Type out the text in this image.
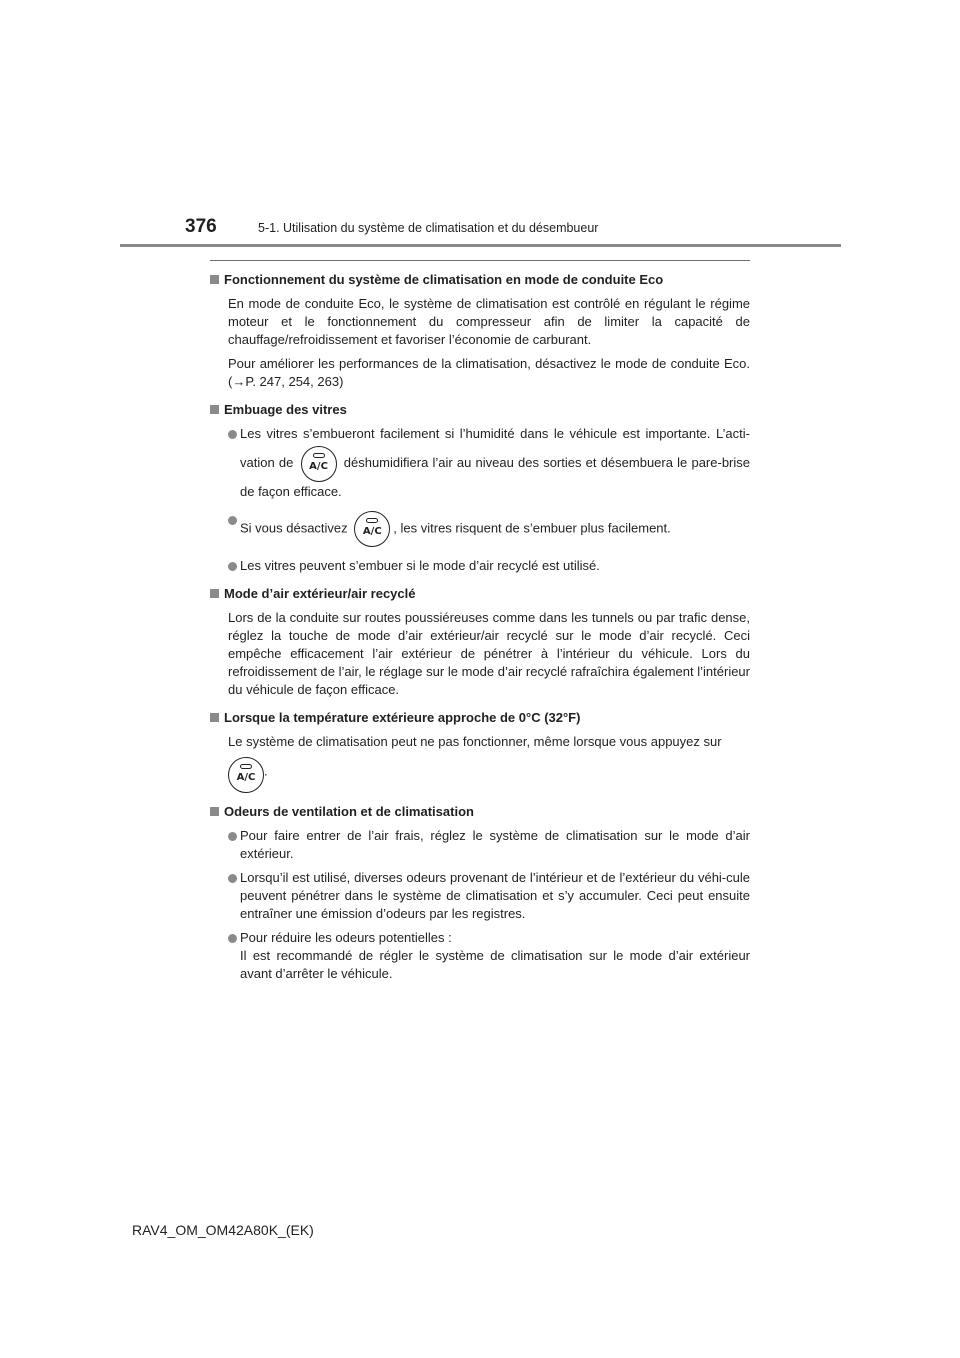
376	5-1. Utilisation du système de climatisation et du désembueur
Fonctionnement du système de climatisation en mode de conduite Eco
En mode de conduite Eco, le système de climatisation est contrôlé en régulant le régime moteur et le fonctionnement du compresseur afin de limiter la capacité de chauffage/refroidissement et favoriser l’économie de carburant.
Pour améliorer les performances de la climatisation, désactivez le mode de conduite Eco. (→P. 247, 254, 263)
Embuage des vitres
Les vitres s’embueront facilement si l’humidité dans le véhicule est importante. L’acti-vation de	A/C	déshumidifiera l’air au niveau des sorties et désembuera le pare-brise de façon efficace.
Si vous désactivez	A/C , les vitres risquent de s’embuer plus facilement.
Les vitres peuvent s’embuer si le mode d’air recyclé est utilisé.
Mode d’air extérieur/air recyclé
Lors de la conduite sur routes poussiéreuses comme dans les tunnels ou par trafic dense, réglez la touche de mode d’air extérieur/air recyclé sur le mode d’air recyclé. Ceci empêche efficacement l’air extérieur de pénétrer à l’intérieur du véhicule. Lors du refroidissement de l’air, le réglage sur le mode d’air recyclé rafraîchira également l’intérieur du véhicule de façon efficace.
Lorsque la température extérieure approche de 0°C (32°F)
Le système de climatisation peut ne pas fonctionner, même lorsque vous appuyez sur

A/C .
Odeurs de ventilation et de climatisation
Pour faire entrer de l’air frais, réglez le système de climatisation sur le mode d’air extérieur.
Lorsqu’il est utilisé, diverses odeurs provenant de l’intérieur et de l’extérieur du véhi-cule peuvent pénétrer dans le système de climatisation et s’y accumuler. Ceci peut ensuite entraîner une émission d’odeurs par les registres.
Pour réduire les odeurs potentielles :
Il est recommandé de régler le système de climatisation sur le mode d’air extérieur avant d’arrêter le véhicule.
RAV4_OM_OM42A80K_(EK)
